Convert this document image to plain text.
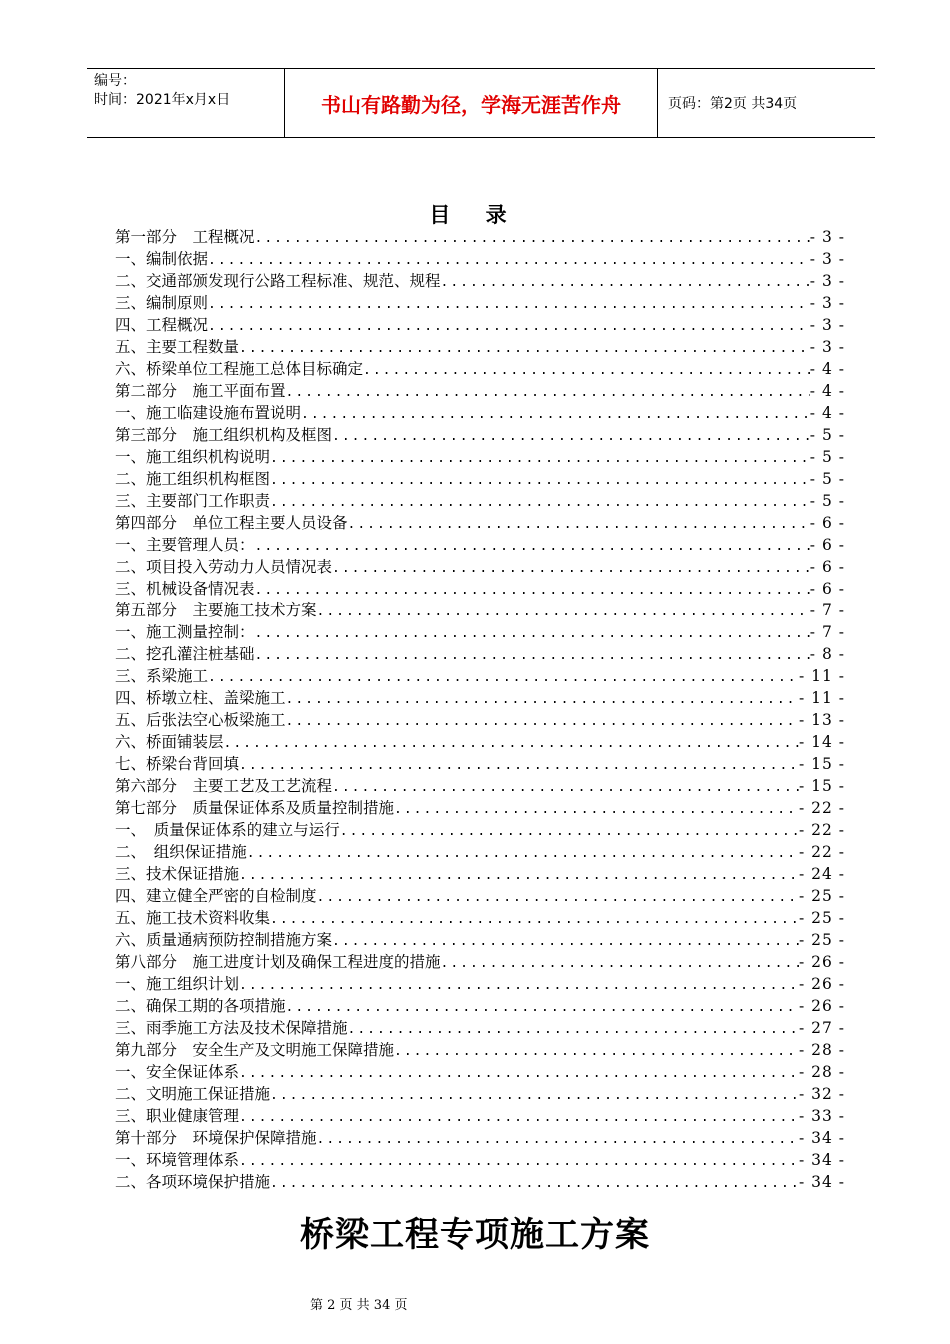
编号：
时间：2021年x月x日	书山有路勤为径，学海无涯苦作舟	页码：第2页 共34页
目 录
第一部分　工程概况 .....	- 3 -
一、编制依据 .....	- 3 -
二、交通部颁发现行公路工程标准、规范、规程 .....	- 3 -
三、编制原则 .....	- 3 -
四、工程概况 .....	- 3 -
五、主要工程数量 .....	- 3 -
六、桥梁单位工程施工总体目标确定 .....	- 4 -
第二部分　施工平面布置 .....	- 4 -
一、施工临建设施布置说明 .....	- 4 -
第三部分　施工组织机构及框图 .....	- 5 -
一、施工组织机构说明 .....	- 5 -
二、施工组织机构框图 .....	- 5 -
三、主要部门工作职责 .....	- 5 -
第四部分　单位工程主要人员设备 .....	- 6 -
一、主要管理人员： .....	- 6 -
二、项目投入劳动力人员情况表 .....	- 6 -
三、机械设备情况表 .....	- 6 -
第五部分　主要施工技术方案 .....	- 7 -
一、施工测量控制： .....	- 7 -
二、挖孔灌注桩基础 .....	- 8 -
三、系梁施工 .....	- 11 -
四、桥墩立柱、盖梁施工 .....	- 11 -
五、后张法空心板梁施工 .....	- 13 -
六、桥面铺装层 .....	- 14 -
七、桥梁台背回填 .....	- 15 -
第六部分　主要工艺及工艺流程 .....	- 15 -
第七部分　质量保证体系及质量控制措施 .....	- 22 -
一、　质量保证体系的建立与运行 .....	- 22 -
二、　组织保证措施 .....	- 22 -
三、技术保证措施 .....	- 24 -
四、建立健全严密的自检制度 .....	- 25 -
五、施工技术资料收集 .....	- 25 -
六、质量通病预防控制措施方案 .....	- 25 -
第八部分　施工进度计划及确保工程进度的措施 .....	- 26 -
一、施工组织计划 .....	- 26 -
二、确保工期的各项措施 .....	- 26 -
三、雨季施工方法及技术保障措施 .....	- 27 -
第九部分　安全生产及文明施工保障措施 .....	- 28 -
一、安全保证体系 .....	- 28 -
二、文明施工保证措施 .....	- 32 -
三、职业健康管理 .....	- 33 -
第十部分　环境保护保障措施 .....	- 34 -
一、环境管理体系 .....	- 34 -
二、各项环境保护措施 .....	- 34 -
桥梁工程专项施工方案
第 2 页 共 34 页
